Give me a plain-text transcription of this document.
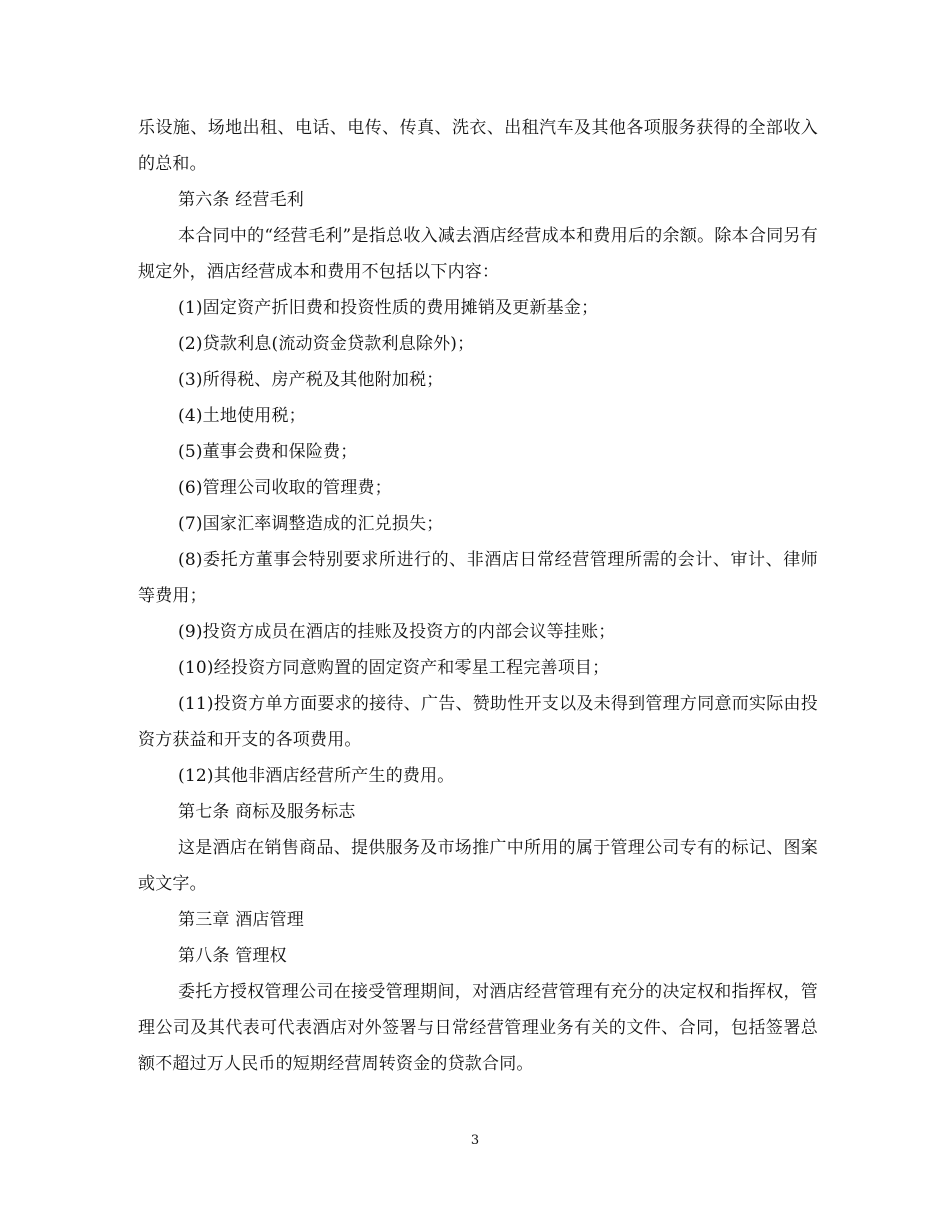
乐设施、场地出租、电话、电传、传真、洗衣、出租汽车及其他各项服务获得的全部收入的总和。

第六条 经营毛利

本合同中的“经营毛利”是指总收入减去酒店经营成本和费用后的余额。除本合同另有规定外，酒店经营成本和费用不包括以下内容：

(1)固定资产折旧费和投资性质的费用摊销及更新基金；

(2)贷款利息(流动资金贷款利息除外)；

(3)所得税、房产税及其他附加税；

(4)土地使用税；

(5)董事会费和保险费；

(6)管理公司收取的管理费；

(7)国家汇率调整造成的汇兑损失；

(8)委托方董事会特别要求所进行的、非酒店日常经营管理所需的会计、审计、律师等费用；

(9)投资方成员在酒店的挂账及投资方的内部会议等挂账；

(10)经投资方同意购置的固定资产和零星工程完善项目；

(11)投资方单方面要求的接待、广告、赞助性开支以及未得到管理方同意而实际由投资方获益和开支的各项费用。

(12)其他非酒店经营所产生的费用。

第七条 商标及服务标志

这是酒店在销售商品、提供服务及市场推广中所用的属于管理公司专有的标记、图案或文字。

第三章 酒店管理

第八条 管理权

委托方授权管理公司在接受管理期间，对酒店经营管理有充分的决定权和指挥权，管理公司及其代表可代表酒店对外签署与日常经营管理业务有关的文件、合同，包括签署总额不超过万人民币的短期经营周转资金的贷款合同。

3
